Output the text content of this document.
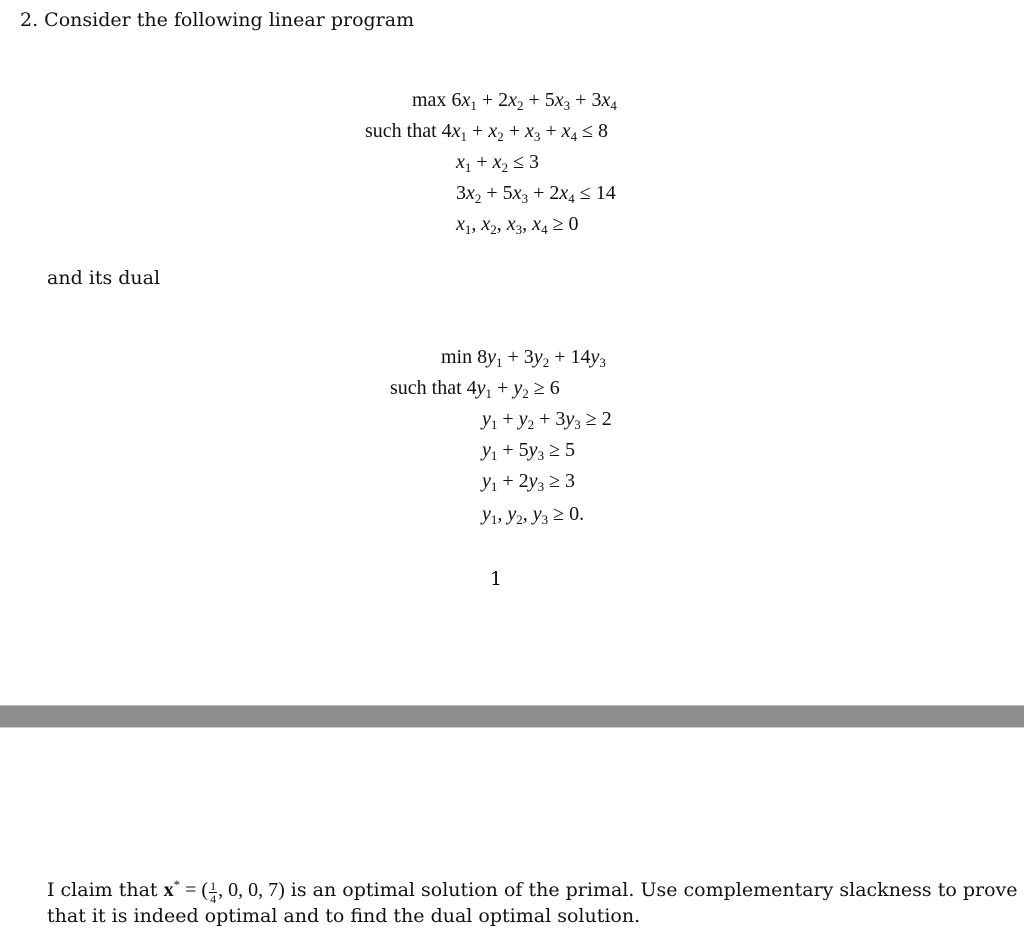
2. Consider the following linear program
$\max 6x_1 + 2x_2 + 5x_3 + 3x_4$
such that $4x_1 + x_2 + x_3 + x_4 \le 8$
$x_1 + x_2 \le 3$
$3x_2 + 5x_3 + 2x_4 \le 14$
$x_1$, $x_2$, $x_3$, $x_4 \ge 0$
and its dual
$\min 8y_1 + 3y_2 + 14y_3$
such that $4y_1 + y_2 \ge 6$
$y_1 + y_2 + 3y_3 \ge 2$
$y_1 + 5y_3 \ge 5$
$y_1 + 2y_3 \ge 3$
$y_1$, $y_2$, $y_3 \ge 0$.
1
I claim that x* = ( $\frac{1}{4}$ , 0, 0, 7) is an optimal solution of the primal. Use complementary slackness to prove
that it is indeed optimal and to find the dual optimal solution.
